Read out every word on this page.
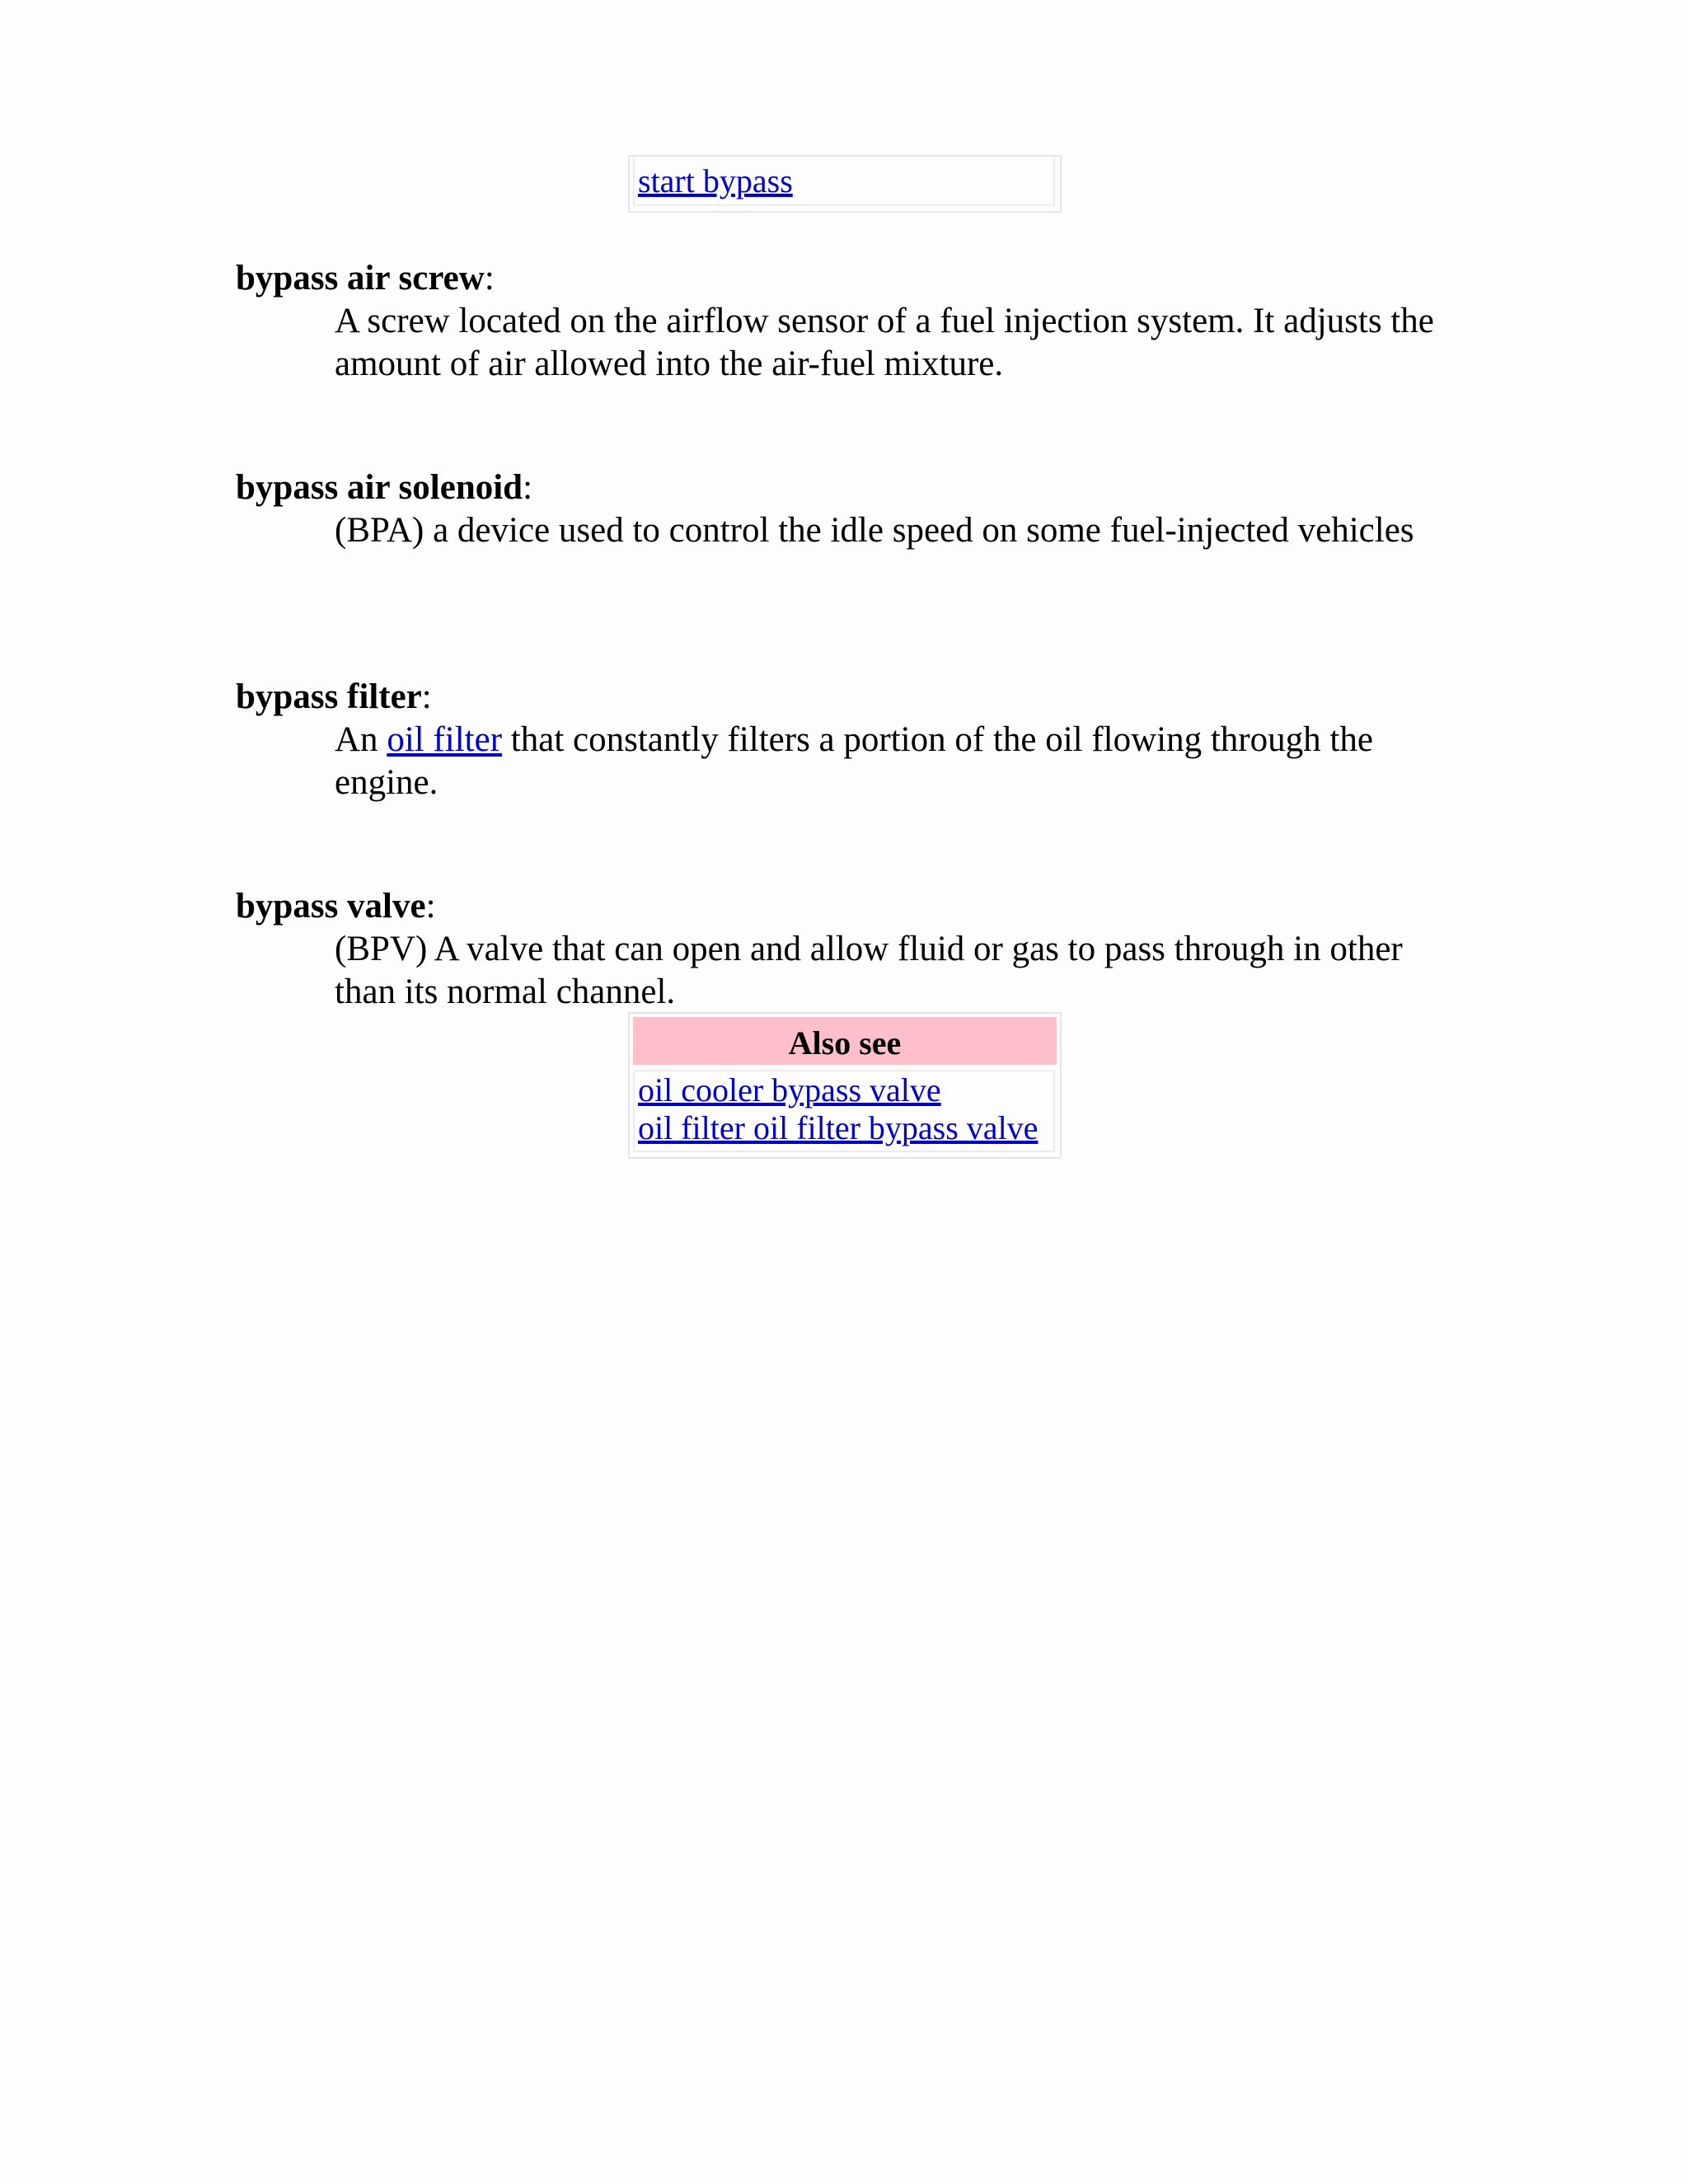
start bypass
bypass air screw:
A screw located on the airflow sensor of a fuel injection system. It adjusts the amount of air allowed into the air-fuel mixture.
bypass air solenoid:
(BPA) a device used to control the idle speed on some fuel-injected vehicles
bypass filter:
An oil filter that constantly filters a portion of the oil flowing through the engine.
bypass valve:
(BPV) A valve that can open and allow fluid or gas to pass through in other than its normal channel.
Also see
oil cooler bypass valve
oil filter oil filter bypass valve
